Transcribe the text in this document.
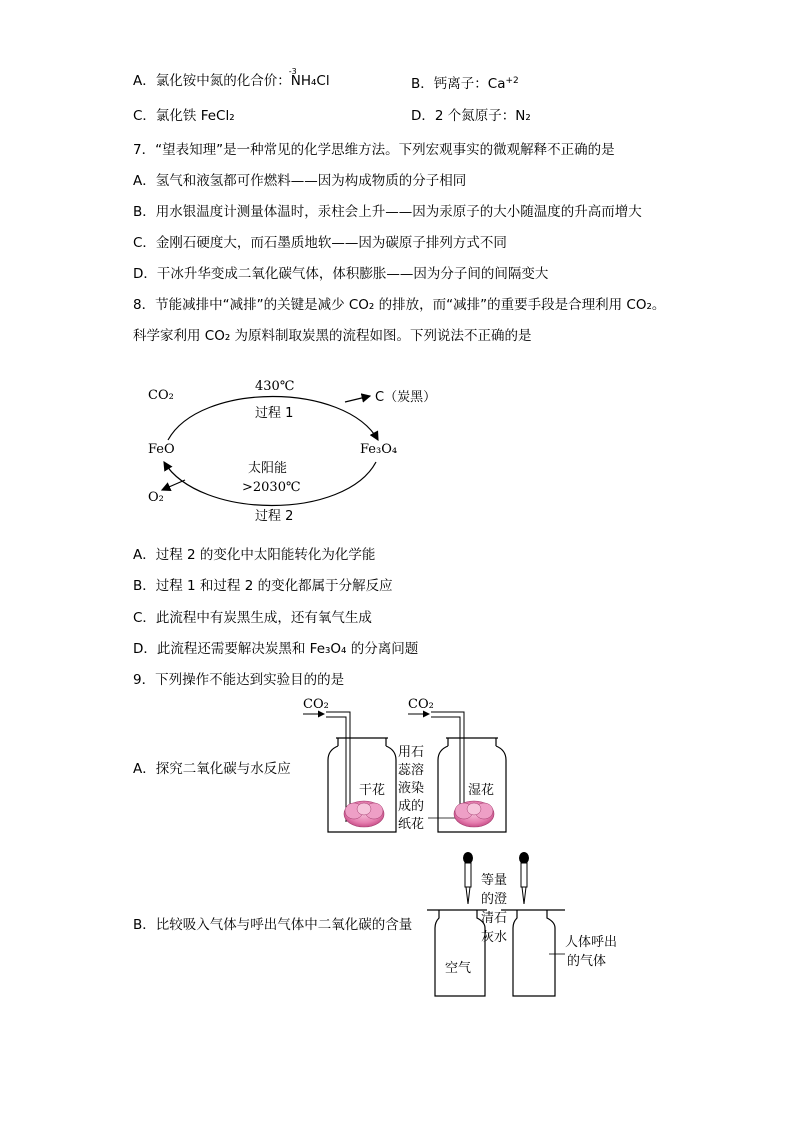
A．氯化铵中氮的化合价：
-3
NH₄Cl	B．钙离子：$Ca^{+2}$
C．氯化铁 FeCl₂	D．2 个氮原子：N₂
7．“望表知理”是一种常见的化学思维方法。下列宏观事实的微观解释不正确的是
A．氢气和液氢都可作燃料——因为构成物质的分子相同
B．用水银温度计测量体温时，汞柱会上升——因为汞原子的大小随温度的升高而增大
C．金刚石硬度大，而石墨质地软——因为碳原子排列方式不同
D．干冰升华变成二氧化碳气体，体积膨胀——因为分子间的间隔变大
8．节能减排中“减排”的关键是减少 CO₂ 的排放，而“减排”的重要手段是合理利用 CO₂。
科学家利用 CO₂ 为原料制取炭黑的流程如图。下列说法不正确的是
CO₂
430℃
过程 1
C（炭黑）
FeO	Fe₃O₄
太阳能
>2030℃
O₂
过程 2
A．过程 2 的变化中太阳能转化为化学能
B．过程 1 和过程 2 的变化都属于分解反应
C．此流程中有炭黑生成，还有氧气生成
D．此流程还需要解决炭黑和 Fe₃O₄ 的分离问题
9．下列操作不能达到实验目的的是
A．探究二氧化碳与水反应
CO₂
干花
用石
蕊溶
液染
成的
纸花
CO₂
湿花
B．比较吸入气体与呼出气体中二氧化碳的含量
等量
的澄
清石
灰水
空气
人体呼出
的气体
